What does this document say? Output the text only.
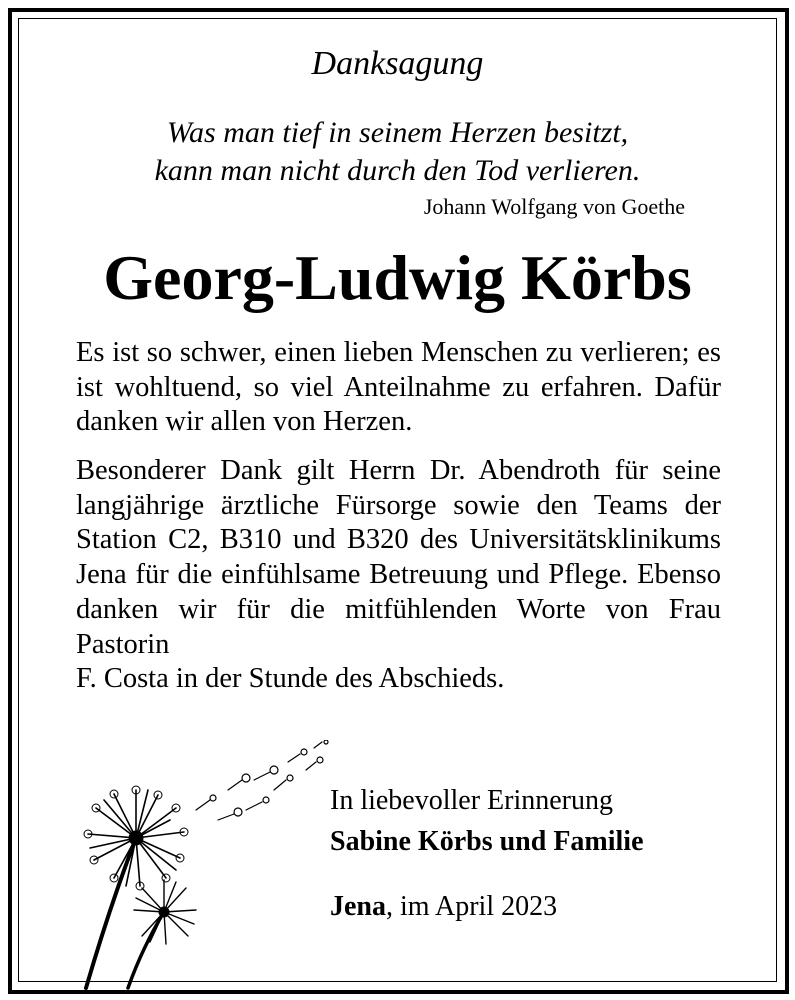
Danksagung
Was man tief in seinem Herzen besitzt,
kann man nicht durch den Tod verlieren.
Johann Wolfgang von Goethe
Georg-Ludwig Körbs
Es ist so schwer, einen lieben Menschen zu verlieren; es ist wohltuend, so viel Anteilnahme zu erfahren. Dafür danken wir allen von Herzen.
Besonderer Dank gilt Herrn Dr. Abendroth für seine langjährige ärztliche Fürsorge sowie den Teams der Station C2, B310 und B320 des Universitätsklinikums Jena für die einfühlsame Betreuung und Pflege. Ebenso danken wir für die mitfühlenden Worte von Frau Pastorin
F. Costa in der Stunde des Abschieds.
In liebevoller Erinnerung
Sabine Körbs und Familie
Jena, im April 2023
